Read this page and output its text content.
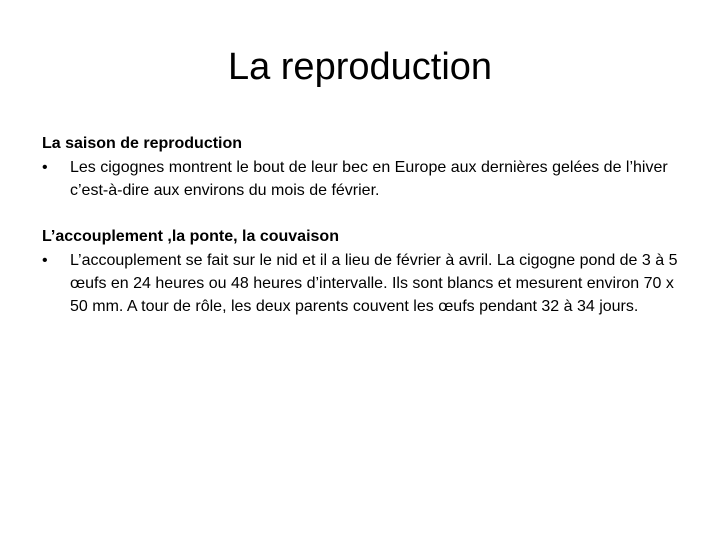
La reproduction
La saison de reproduction
•	Les cigognes montrent le bout de leur bec en Europe aux dernières gelées de l’hiver c’est-à-dire aux environs du mois de février.
L’accouplement ,la ponte, la couvaison
•	L’accouplement se fait sur le nid et il a lieu de février à avril. La cigogne pond de 3 à 5 œufs en 24 heures ou 48 heures d’intervalle. Ils sont blancs et mesurent environ 70 x 50 mm. A tour de rôle, les deux parents couvent les œufs pendant 32 à 34 jours.
